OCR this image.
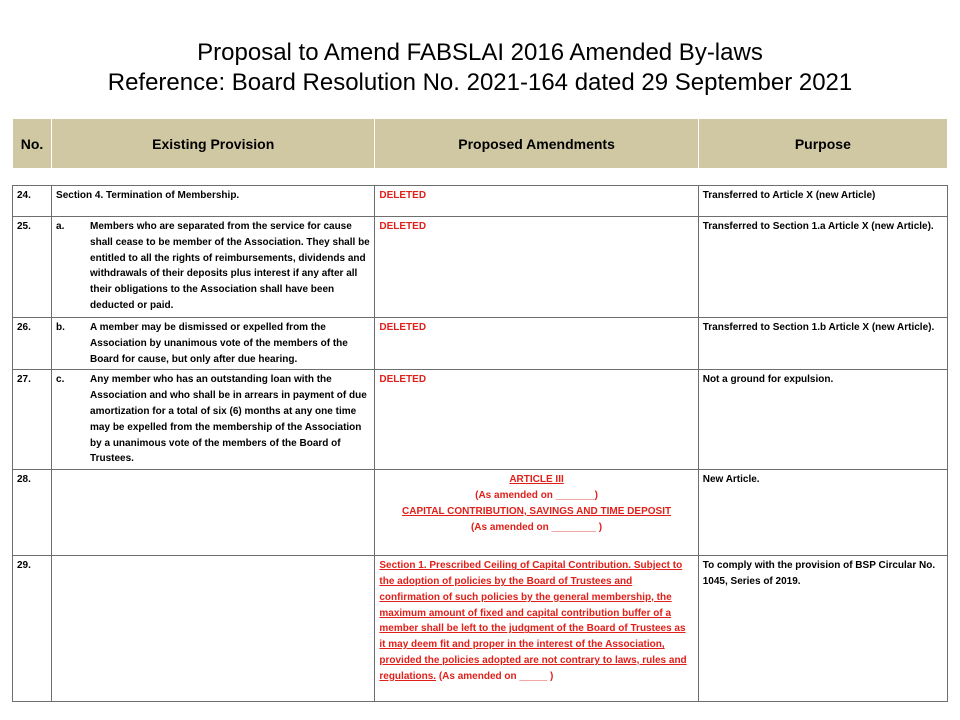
Proposal to Amend FABSLAI 2016 Amended By-laws
Reference: Board Resolution No. 2021-164 dated 29 September 2021
No.	Existing Provision	Proposed Amendments	Purpose
24.	Section 4. Termination of Membership.	DELETED	Transferred to Article X (new Article)
25.	a. Members who are separated from the service for cause shall cease to be member of the Association. They shall be entitled to all the rights of reimbursements, dividends and withdrawals of their deposits plus interest if any after all their obligations to the Association shall have been deducted or paid.	DELETED	Transferred to Section 1.a Article X (new Article).
26.	b. A member may be dismissed or expelled from the Association by unanimous vote of the members of the Board for cause, but only after due hearing.	DELETED	Transferred to Section 1.b Article X (new Article).
27.	c. Any member who has an outstanding loan with the Association and who shall be in arrears in payment of due amortization for a total of six (6) months at any one time may be expelled from the membership of the Association by a unanimous vote of the members of the Board of Trustees.	DELETED	Not a ground for expulsion.
28.		ARTICLE III
(As amended on _______)
CAPITAL CONTRIBUTION, SAVINGS AND TIME DEPOSIT
(As amended on ________ )	New Article.
29.		Section 1. Prescribed Ceiling of Capital Contribution. Subject to the adoption of policies by the Board of Trustees and confirmation of such policies by the general membership, the maximum amount of fixed and capital contribution buffer of a member shall be left to the judgment of the Board of Trustees as it may deem fit and proper in the interest of the Association, provided the policies adopted are not contrary to laws, rules and regulations. (As amended on _____ )	To comply with the provision of BSP Circular No. 1045, Series of 2019.
